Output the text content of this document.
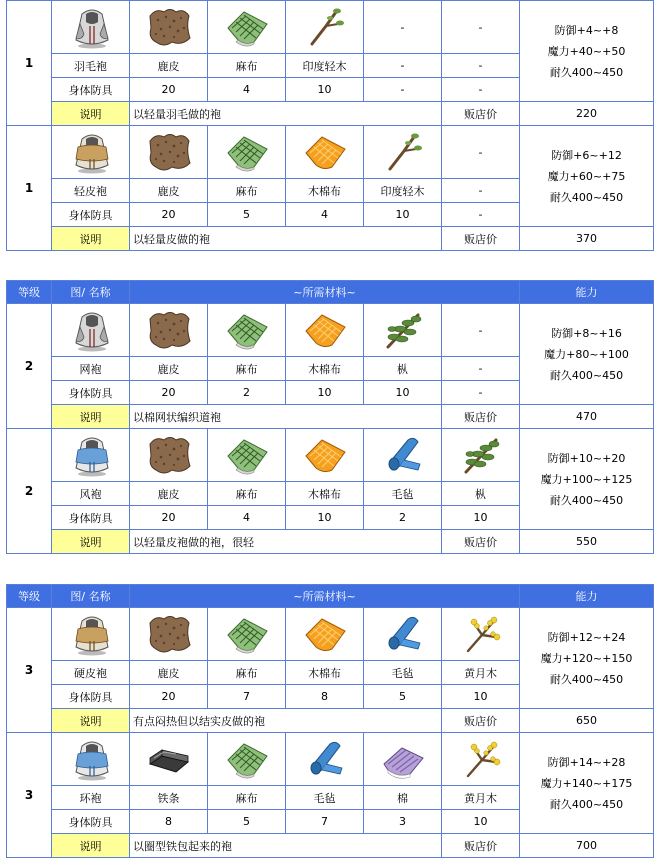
1					-	-	防御+4~+8
魔力+40~+50
耐久400~450

	羽毛袍	鹿皮	麻布	印度轻木	-	-	
	身体防具	20	4	10	-	-	
	说明	以轻量羽毛做的袍				贩店价	220
1						-	防御+6~+12
魔力+60~+75
耐久400~450

	轻皮袍	鹿皮	麻布	木棉布	印度轻木	-	
	身体防具	20	5	4	10	-	
	说明	以轻量皮做的袍				贩店价	370
等级	图/ 名称	~所需材料~					能力
2						-	防御+8~+16
魔力+80~+100
耐久400~450

	网袍	鹿皮	麻布	木棉布	枞	-	
	身体防具	20	2	10	10	-	
	说明	以棉网状编织道袍				贩店价	470
2							防御+10~+20
魔力+100~+125
耐久400~450

	风袍	鹿皮	麻布	木棉布	毛毡	枞	
	身体防具	20	4	10	2	10	
	说明	以轻量皮袍做的袍，很轻				贩店价	550
等级	图/ 名称	~所需材料~					能力
3							防御+12~+24
魔力+120~+150
耐久400~450

	硬皮袍	鹿皮	麻布	木棉布	毛毡	黄月木	
	身体防具	20	7	8	5	10	
	说明	有点闷热但以结实皮做的袍				贩店价	650
3							防御+14~+28
魔力+140~+175
耐久400~450

	环袍	铁条	麻布	毛毡	棉	黄月木	
	身体防具	8	5	7	3	10	
	说明	以圈型铁包起来的袍				贩店价	700
